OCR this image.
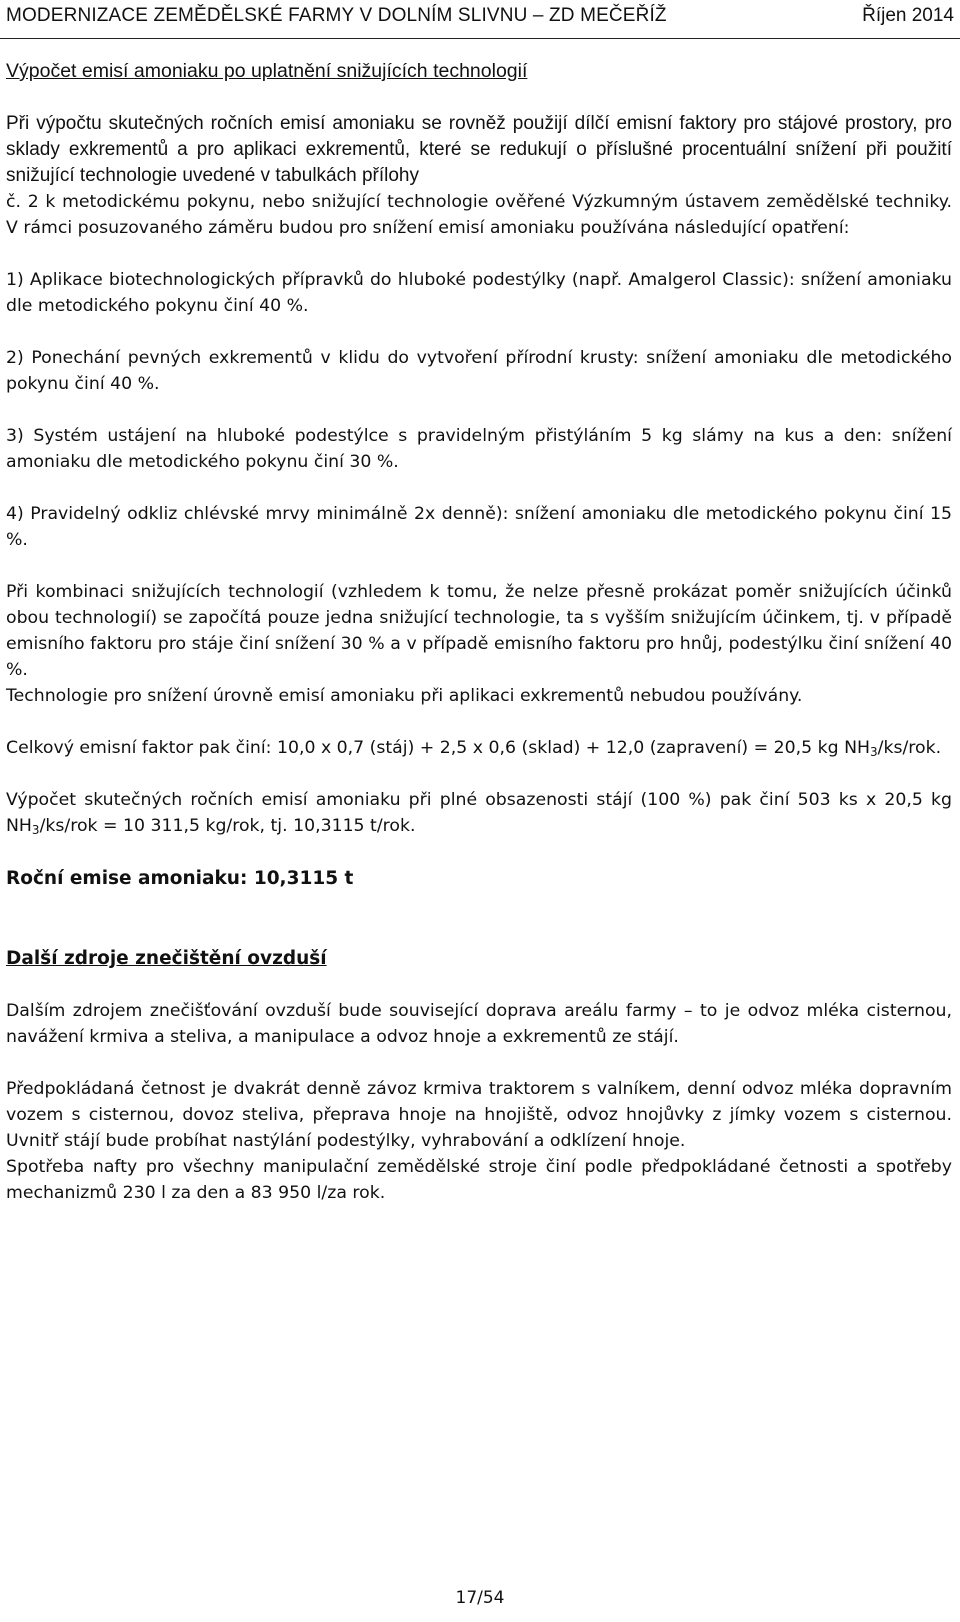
MODERNIZACE ZEMĚDĚLSKÉ FARMY V DOLNÍM SLIVNU – ZD MEČEŘÍŽ	Říjen 2014

Výpočet emisí amoniaku po uplatnění snižujících technologií

Při výpočtu skutečných ročních emisí amoniaku se rovněž použijí dílčí emisní faktory pro stájové prostory, pro sklady exkrementů a pro aplikaci exkrementů, které se redukují o příslušné procentuální snížení při použití snižující technologie uvedené v tabulkách přílohy

č. 2 k metodickému pokynu, nebo snižující technologie ověřené Výzkumným ústavem zemědělské techniky. V rámci posuzovaného záměru budou pro snížení emisí amoniaku používána následující opatření:

1) Aplikace biotechnologických přípravků do hluboké podestýlky (např. Amalgerol Classic): snížení amoniaku dle metodického pokynu činí 40 %.

2) Ponechání pevných exkrementů v klidu do vytvoření přírodní krusty: snížení amoniaku dle metodického pokynu činí 40 %.

3) Systém ustájení na hluboké podestýlce s pravidelným přistýláním 5 kg slámy na kus a den: snížení amoniaku dle metodického pokynu činí 30 %.

4) Pravidelný odkliz chlévské mrvy minimálně 2x denně): snížení amoniaku dle metodického pokynu činí 15 %.

Při kombinaci snižujících technologií (vzhledem k tomu, že nelze přesně prokázat poměr snižujících účinků obou technologií) se započítá pouze jedna snižující technologie, ta s vyšším snižujícím účinkem, tj. v případě emisního faktoru pro stáje činí snížení 30 % a v případě emisního faktoru pro hnůj, podestýlku činí snížení 40 %.

Technologie pro snížení úrovně emisí amoniaku při aplikaci exkrementů nebudou používány.

Celkový emisní faktor pak činí: 10,0 x 0,7 (stáj) + 2,5 x 0,6 (sklad) + 12,0 (zapravení) = 20,5 kg $NH_3/ks$/rok.

Výpočet skutečných ročních emisí amoniaku při plné obsazenosti stájí (100 %) pak činí 503 ks x 20,5 kg $NH_3/ks$/rok = 10 311,5 kg/rok, tj. 10,3115 t/rok.

Roční emise amoniaku: 10,3115 t

Další zdroje znečištění ovzduší

Dalším zdrojem znečišťování ovzduší bude související doprava areálu farmy – to je odvoz mléka cisternou, navážení krmiva a steliva, a manipulace a odvoz hnoje a exkrementů ze stájí.

Předpokládaná četnost je dvakrát denně závoz krmiva traktorem s valníkem, denní odvoz mléka dopravním vozem s cisternou, dovoz steliva, přeprava hnoje na hnojiště, odvoz hnojůvky z jímky vozem s cisternou. Uvnitř stájí bude probíhat nastýlání podestýlky, vyhrabování a odklízení hnoje.

Spotřeba nafty pro všechny manipulační zemědělské stroje činí podle předpokládané četnosti a spotřeby mechanizmů 230 l za den a 83 950 l/za rok.

17/54
